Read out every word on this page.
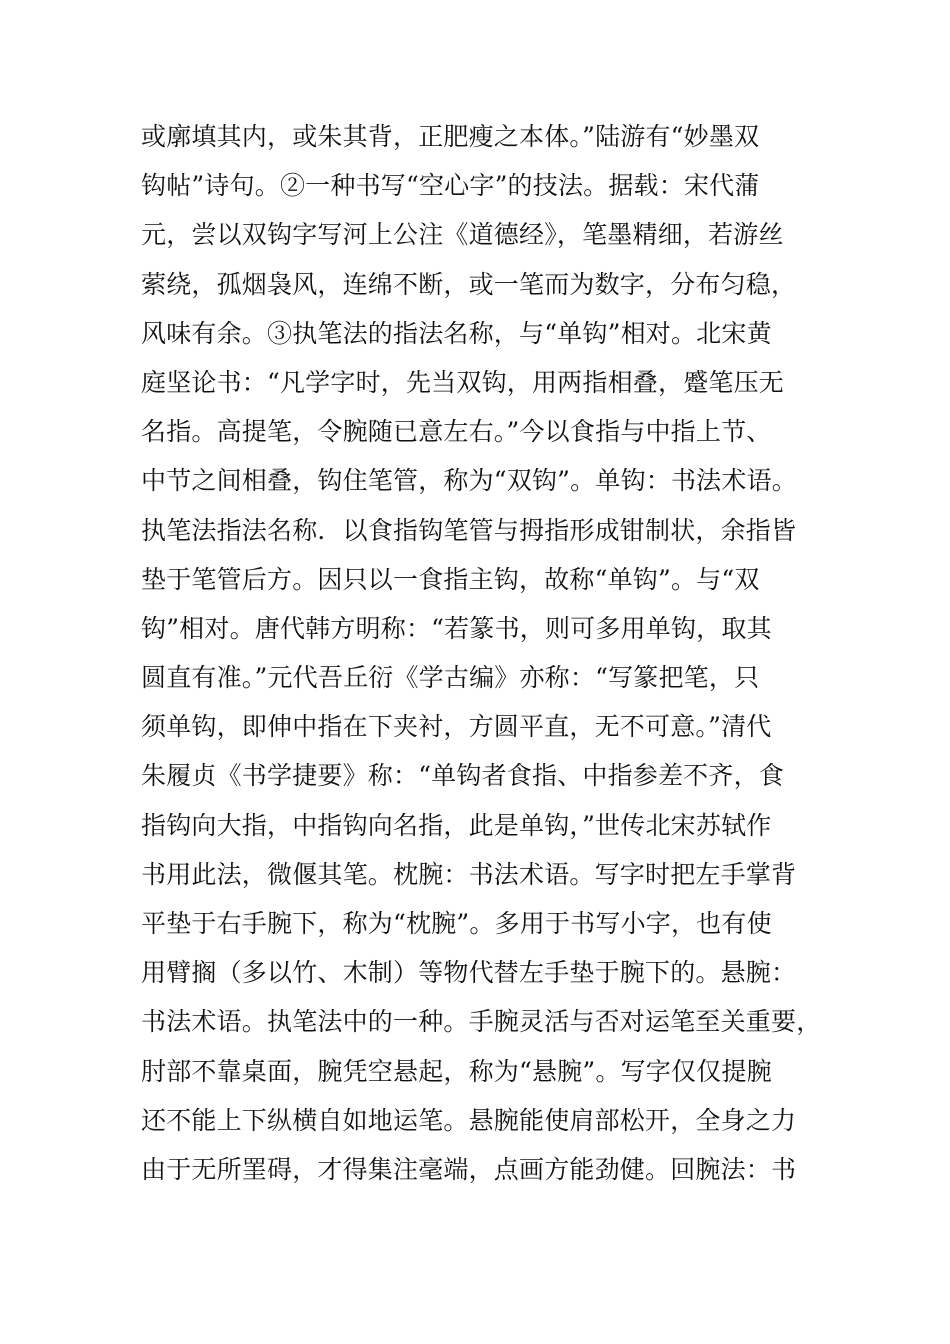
或廓填其内，或朱其背，正肥瘦之本体。”陆游有“妙墨双
钩帖”诗句。②一种书写“空心字”的技法。据载：宋代蒲
元，尝以双钩字写河上公注《道德经》，笔墨精细，若游丝
萦绕，孤烟袅风，连绵不断，或一笔而为数字，分布匀稳，
风味有余。③执笔法的指法名称，与“单钩”相对。北宋黄
庭坚论书：“凡学字时，先当双钩，用两指相叠，蹙笔压无
名指。高提笔，令腕随已意左右。”今以食指与中指上节、
中节之间相叠，钩住笔管，称为“双钩”。单钩：书法术语。
执笔法指法名称．以食指钩笔管与拇指形成钳制状，余指皆
垫于笔管后方。因只以一食指主钩，故称“单钩”。与“双
钩”相对。唐代韩方明称：“若篆书，则可多用单钩，取其
圆直有准。”元代吾丘衍《学古编》亦称：“写篆把笔，只
须单钩，即伸中指在下夹衬，方圆平直，无不可意。”清代
朱履贞《书学捷要》称：“单钩者食指、中指参差不齐，食
指钩向大指，中指钩向名指，此是单钩，”世传北宋苏轼作
书用此法，微偃其笔。枕腕：书法术语。写字时把左手掌背
平垫于右手腕下，称为“枕腕”。多用于书写小字，也有使
用臂搁（多以竹、木制）等物代替左手垫于腕下的。悬腕：
书法术语。执笔法中的一种。手腕灵活与否对运笔至关重要，
肘部不靠桌面，腕凭空悬起，称为“悬腕”。写字仅仅提腕
还不能上下纵横自如地运笔。悬腕能使肩部松开，全身之力
由于无所罣碍，才得集注毫端，点画方能劲健。回腕法：书
